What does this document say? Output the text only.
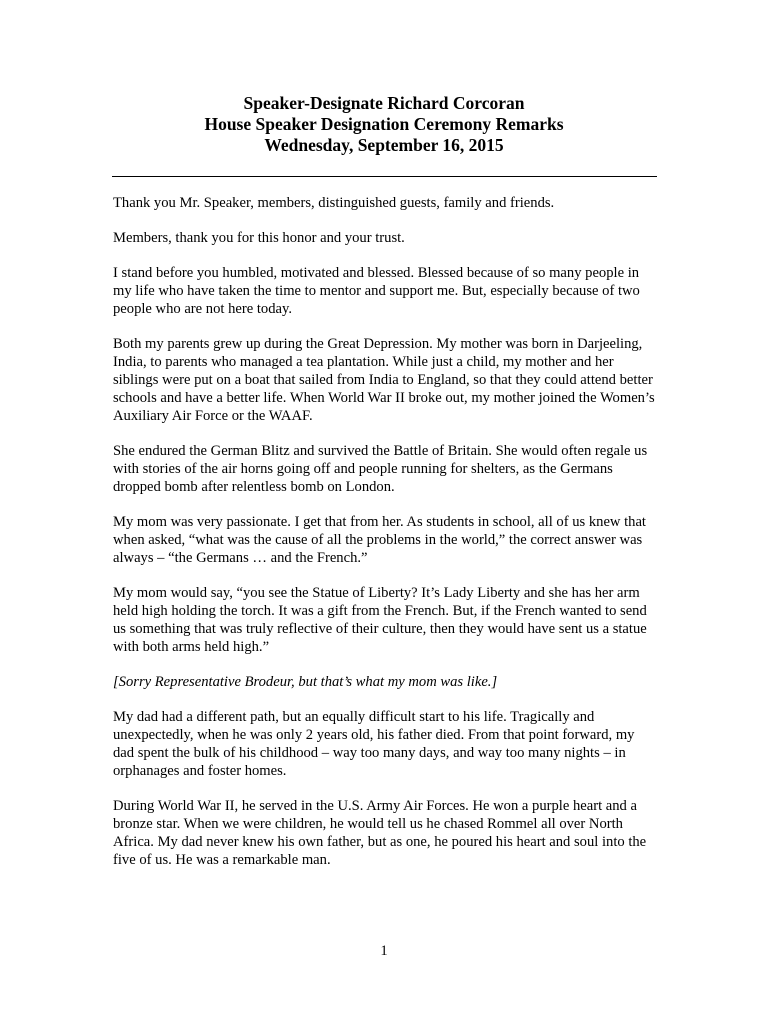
Speaker-Designate Richard Corcoran
House Speaker Designation Ceremony Remarks
Wednesday, September 16, 2015

Thank you Mr. Speaker, members, distinguished guests, family and friends.

Members, thank you for this honor and your trust.

I stand before you humbled, motivated and blessed. Blessed because of so many people in my life who have taken the time to mentor and support me. But, especially because of two people who are not here today.

Both my parents grew up during the Great Depression. My mother was born in Darjeeling, India, to parents who managed a tea plantation. While just a child, my mother and her siblings were put on a boat that sailed from India to England, so that they could attend better schools and have a better life. When World War II broke out, my mother joined the Women’s Auxiliary Air Force or the WAAF.

She endured the German Blitz and survived the Battle of Britain. She would often regale us with stories of the air horns going off and people running for shelters, as the Germans dropped bomb after relentless bomb on London.

My mom was very passionate. I get that from her. As students in school, all of us knew that when asked, “what was the cause of all the problems in the world,” the correct answer was always – “the Germans … and the French.”

My mom would say, “you see the Statue of Liberty? It’s Lady Liberty and she has her arm held high holding the torch. It was a gift from the French. But, if the French wanted to send us something that was truly reflective of their culture, then they would have sent us a statue with both arms held high.”

[Sorry Representative Brodeur, but that’s what my mom was like.]

My dad had a different path, but an equally difficult start to his life. Tragically and unexpectedly, when he was only 2 years old, his father died. From that point forward, my dad spent the bulk of his childhood – way too many days, and way too many nights – in orphanages and foster homes.

During World War II, he served in the U.S. Army Air Forces. He won a purple heart and a bronze star. When we were children, he would tell us he chased Rommel all over North Africa. My dad never knew his own father, but as one, he poured his heart and soul into the five of us. He was a remarkable man.

1
